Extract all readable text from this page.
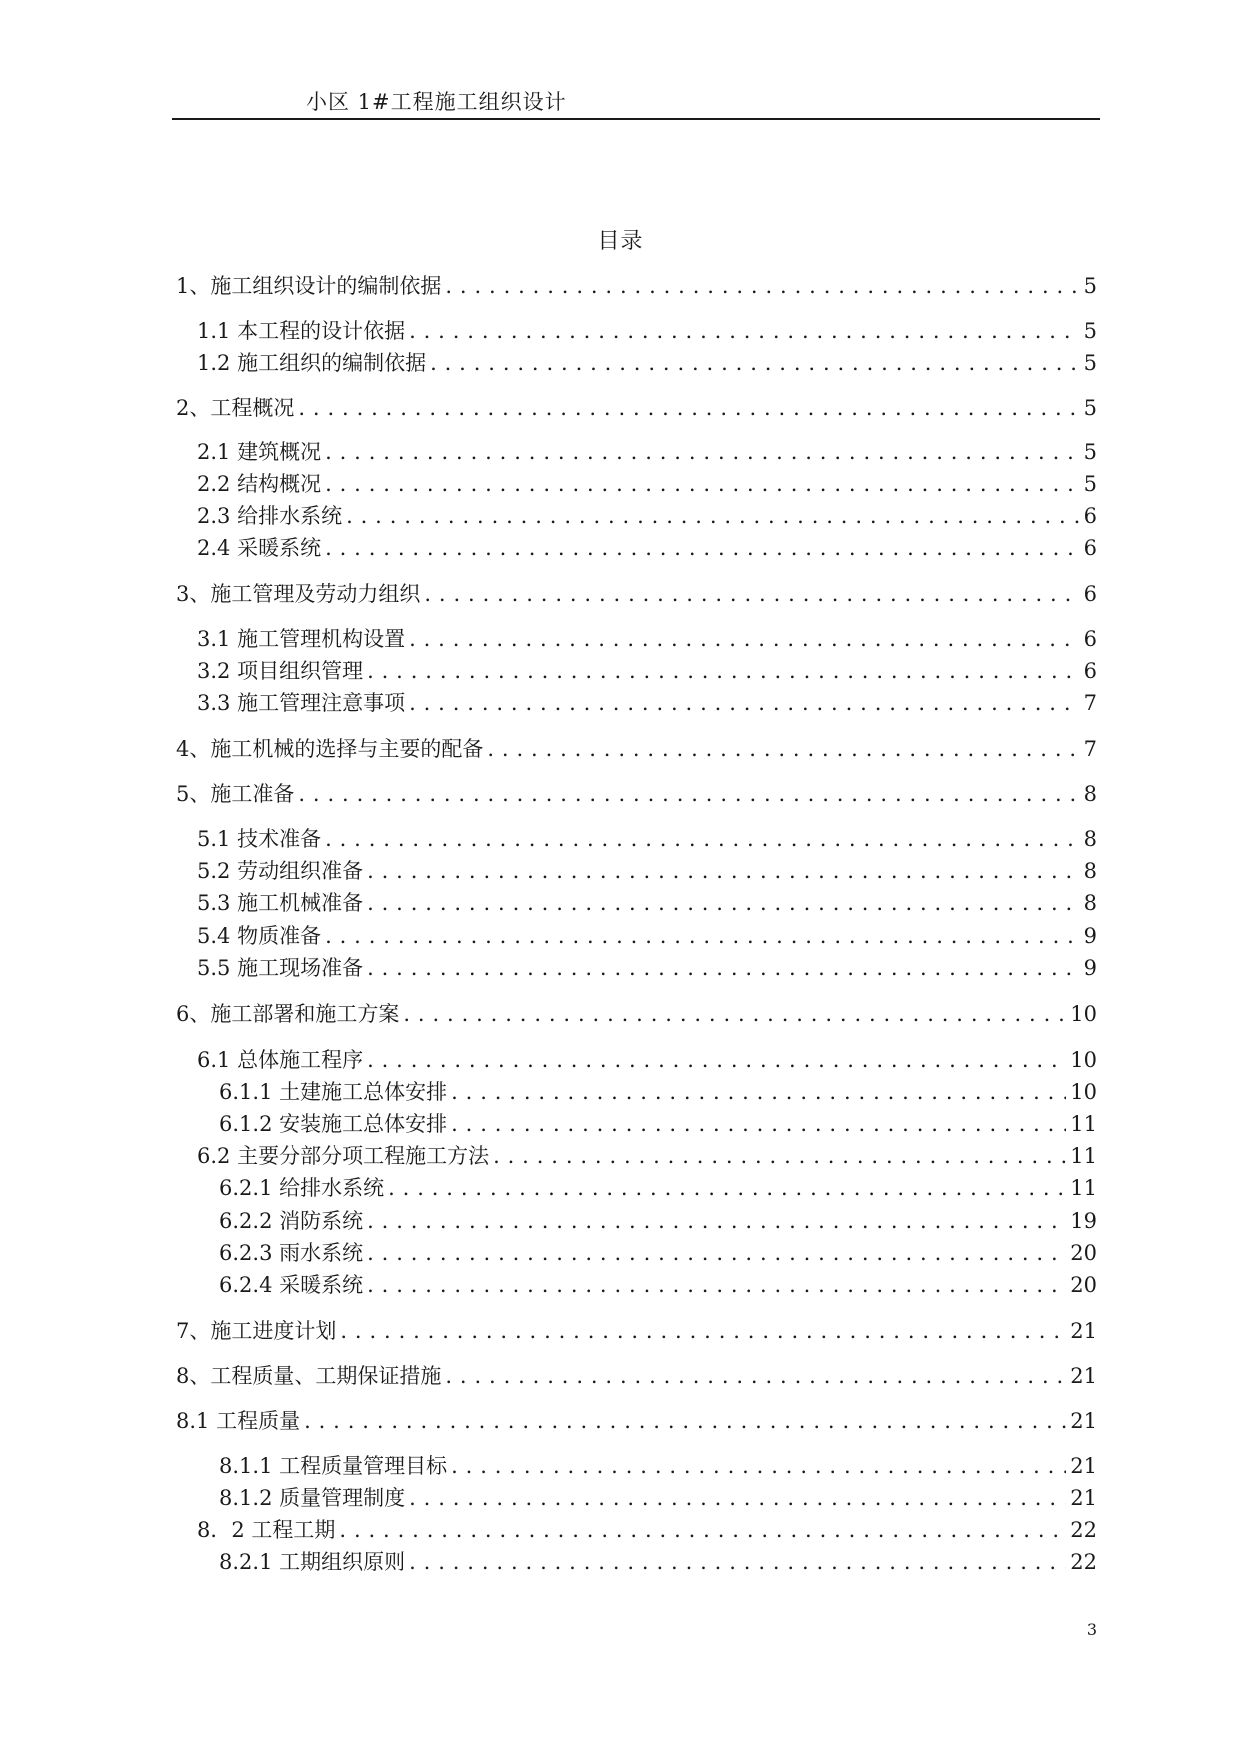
小区 1#工程施工组织设计
目录
1、施工组织设计的编制依据 . . .	5
1.1 本工程的设计依据 . . .	5
1.2 施工组织的编制依据 . . .	5
2、工程概况 . . .	5
2.1 建筑概况 . . .	5
2.2 结构概况 . . .	5
2.3 给排水系统 . . .	6
2.4 采暖系统 . . .	6
3、施工管理及劳动力组织 . . .	6
3.1 施工管理机构设置 . . .	6
3.2 项目组织管理 . . .	6
3.3 施工管理注意事项 . . .	7
4、施工机械的选择与主要的配备 . . .	7
5、施工准备 . . .	8
5.1 技术准备 . . .	8
5.2 劳动组织准备 . . .	8
5.3 施工机械准备 . . .	8
5.4 物质准备 . . .	9
5.5 施工现场准备 . . .	9
6、施工部署和施工方案 . . .	10
6.1 总体施工程序 . . .	10
6.1.1 土建施工总体安排 . . .	10
6.1.2 安装施工总体安排 . . .	11
6.2 主要分部分项工程施工方法 . . .	11
6.2.1 给排水系统 . . .	11
6.2.2 消防系统 . . .	19
6.2.3 雨水系统 . . .	20
6.2.4 采暖系统 . . .	20
7、施工进度计划 . . .	21
8、工程质量、工期保证措施 . . .	21
8.1 工程质量 . . .	21
8.1.1 工程质量管理目标 . . .	21
8.1.2 质量管理制度 . . .	21
8．2 工程工期 . . .	22
8.2.1 工期组织原则 . . .	22
3
